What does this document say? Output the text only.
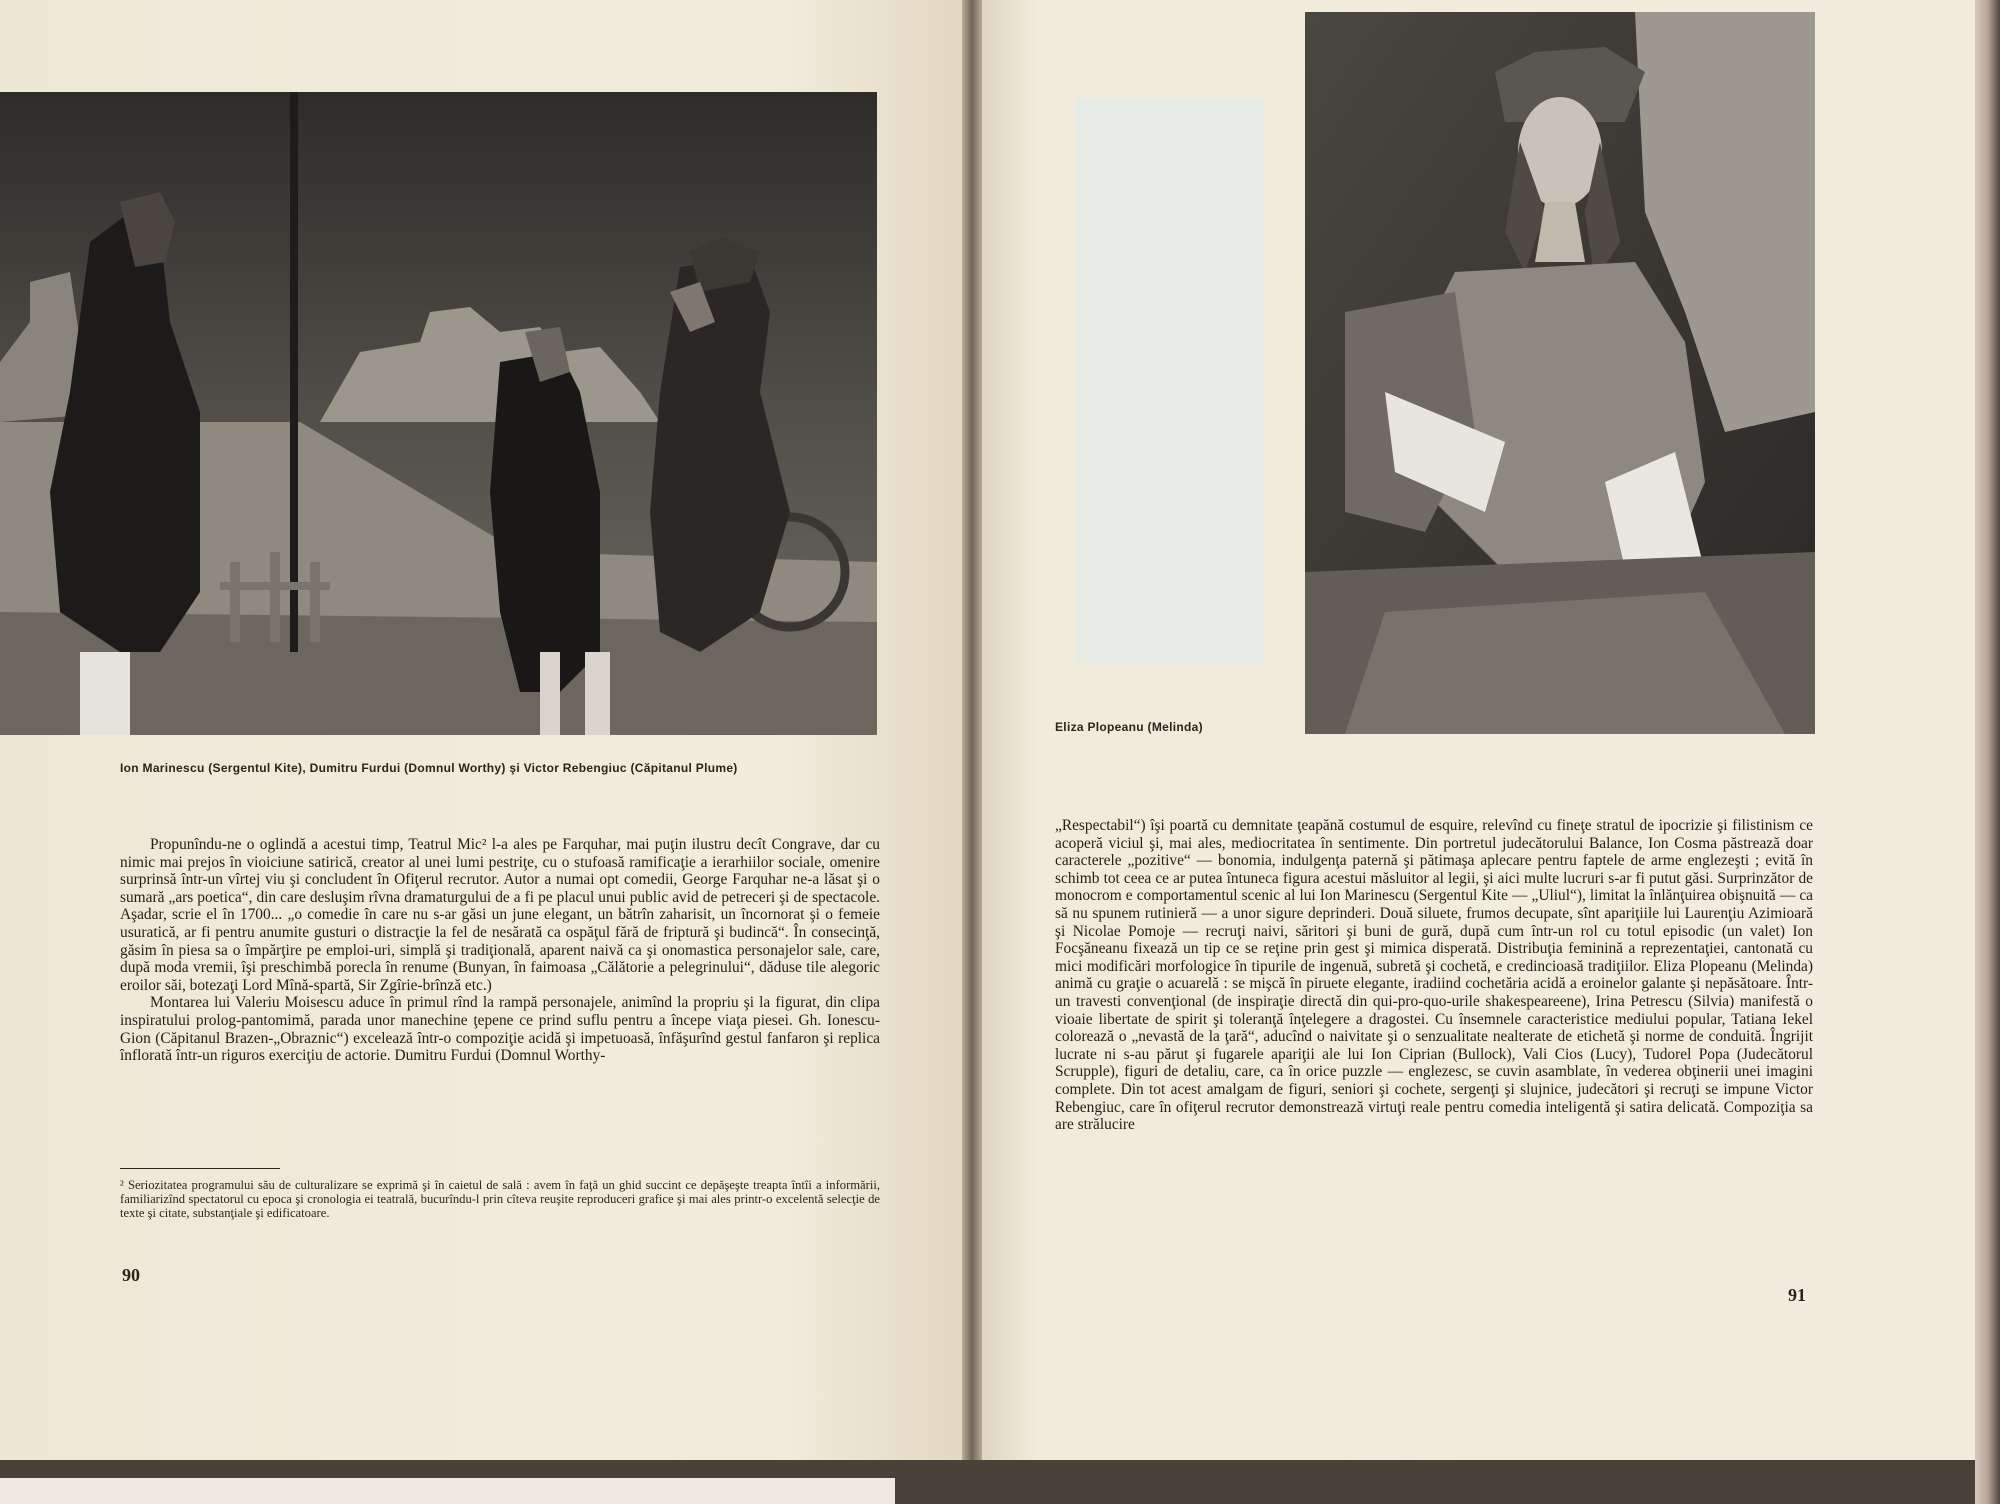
Ion Marinescu (Sergentul Kite), Dumitru Furdui (Domnul Worthy) şi Victor Rebengiuc (Căpitanul Plume)

Propunîndu-ne o oglindă a acestui timp, Teatrul Mic² l-a ales pe Farquhar, mai puţin ilustru decît Congrave, dar cu nimic mai prejos în vioiciune satirică, creator al unei lumi pestriţe, cu o stufoasă ramificaţie a ierarhiilor sociale, omenire surprinsă într-un vîrtej viu şi concludent în Ofiţerul recrutor. Autor a numai opt comedii, George Farquhar ne-a lăsat şi o sumară „ars poetica“, din care desluşim rîvna dramaturgului de a fi pe placul unui public avid de petreceri şi de spectacole. Aşadar, scrie el în 1700... „o comedie în care nu s-ar găsi un june elegant, un bătrîn zaharisit, un încornorat şi o femeie usuratică, ar fi pentru anumite gusturi o distracţie la fel de nesărată ca ospăţul fără de friptură şi budincă“. În consecinţă, găsim în piesa sa o împărţire pe emploi-uri, simplă şi tradiţională, aparent naivă ca şi onomastica personajelor sale, care, după moda vremii, îşi preschimbă porecla în renume (Bunyan, în faimoasa „Călătorie a pelegrinului“, dăduse tile alegoric eroilor săi, botezaţi Lord Mînă-spartă, Sir Zgîrie-brînză etc.)

Montarea lui Valeriu Moisescu aduce în primul rînd la rampă personajele, animînd la propriu şi la figurat, din clipa inspiratului prolog-pantomimă, parada unor manechine ţepene ce prind suflu pentru a începe viaţa piesei. Gh. Ionescu-Gion (Căpitanul Brazen-„Obraznic“) excelează într-o compoziţie acidă şi impetuoasă, înfăşurînd gestul fanfaron şi replica înflorată într-un riguros exerciţiu de actorie. Dumitru Furdui (Domnul Worthy-

² Seriozitatea programului său de culturalizare se exprimă şi în caietul de sală : avem în faţă un ghid succint ce depăşeşte treapta întîi a informării, familiarizînd spectatorul cu epoca şi cronologia ei teatrală, bucurîndu-l prin cîteva reuşite reproduceri grafice şi mai ales printr-o excelentă selecţie de texte şi citate, substanţiale şi edificatoare.
90
Eliza Plopeanu (Melinda)

„Respectabil“) îşi poartă cu demnitate ţeapănă costumul de esquire, relevînd cu fineţe stratul de ipocrizie şi filistinism ce acoperă viciul şi, mai ales, mediocritatea în sentimente. Din portretul judecătorului Balance, Ion Cosma păstrează doar caracterele „pozitive“ — bonomia, indulgenţa paternă şi pătimaşa aplecare pentru faptele de arme englezeşti ; evită în schimb tot ceea ce ar putea întuneca figura acestui măsluitor al legii, şi aici multe lucruri s-ar fi putut găsi. Surprinzător de monocrom e comportamentul scenic al lui Ion Marinescu (Sergentul Kite — „Uliul“), limitat la înlănţuirea obişnuită — ca să nu spunem rutinieră — a unor sigure deprinderi. Două siluete, frumos decupate, sînt apariţiile lui Laurenţiu Azimioară şi Nicolae Pomoje — recruţi naivi, săritori şi buni de gură, după cum într-un rol cu totul episodic (un valet) Ion Focşăneanu fixează un tip ce se reţine prin gest şi mimica disperată. Distribuţia feminină a reprezentaţiei, cantonată cu mici modificări morfologice în tipurile de ingenuă, subretă şi cochetă, e credincioasă tradiţiilor. Eliza Plopeanu (Melinda) animă cu graţie o acuarelă : se mişcă în piruete elegante, iradiind cochetăria acidă a eroinelor galante şi nepăsătoare. Într-un travesti convenţional (de inspiraţie directă din qui-pro-quo-urile shakespeareene), Irina Petrescu (Silvia) manifestă o vioaie libertate de spirit şi toleranţă înţelegere a dragostei. Cu însemnele caracteristice mediului popular, Tatiana Iekel colorează o „nevastă de la ţară“, aducînd o naivitate şi o senzualitate nealterate de etichetă şi norme de conduită. Îngrijit lucrate ni s-au părut şi fugarele apariţii ale lui Ion Ciprian (Bullock), Vali Cios (Lucy), Tudorel Popa (Judecătorul Scrupple), figuri de detaliu, care, ca în orice puzzle — englezesc, se cuvin asamblate, în vederea obţinerii unei imagini complete. Din tot acest amalgam de figuri, seniori şi cochete, sergenţi şi slujnice, judecători şi recruţi se impune Victor Rebengiuc, care în ofiţerul recrutor demonstrează virtuţi reale pentru comedia inteligentă şi satira delicată. Compoziţia sa are strălucire

91
